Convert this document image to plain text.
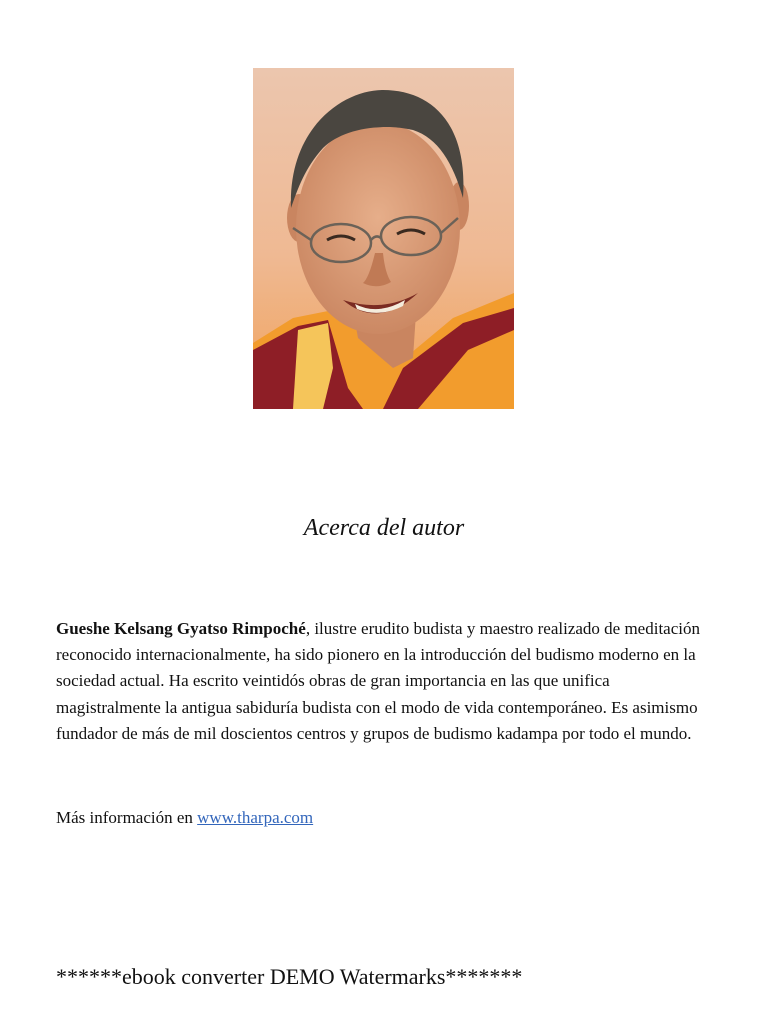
Acerca del autor

Gueshe Kelsang Gyatso Rimpoché, ilustre erudito budista y maestro realizado de meditación reconocido internacionalmente, ha sido pionero en la introducción del budismo moderno en la sociedad actual. Ha escrito veintidós obras de gran importancia en las que unifica magistralmente la antigua sabiduría budista con el modo de vida contemporáneo. Es asimismo fundador de más de mil doscientos centros y grupos de budismo kadampa por todo el mundo.

Más información en www.tharpa.com

******ebook converter DEMO Watermarks*******
